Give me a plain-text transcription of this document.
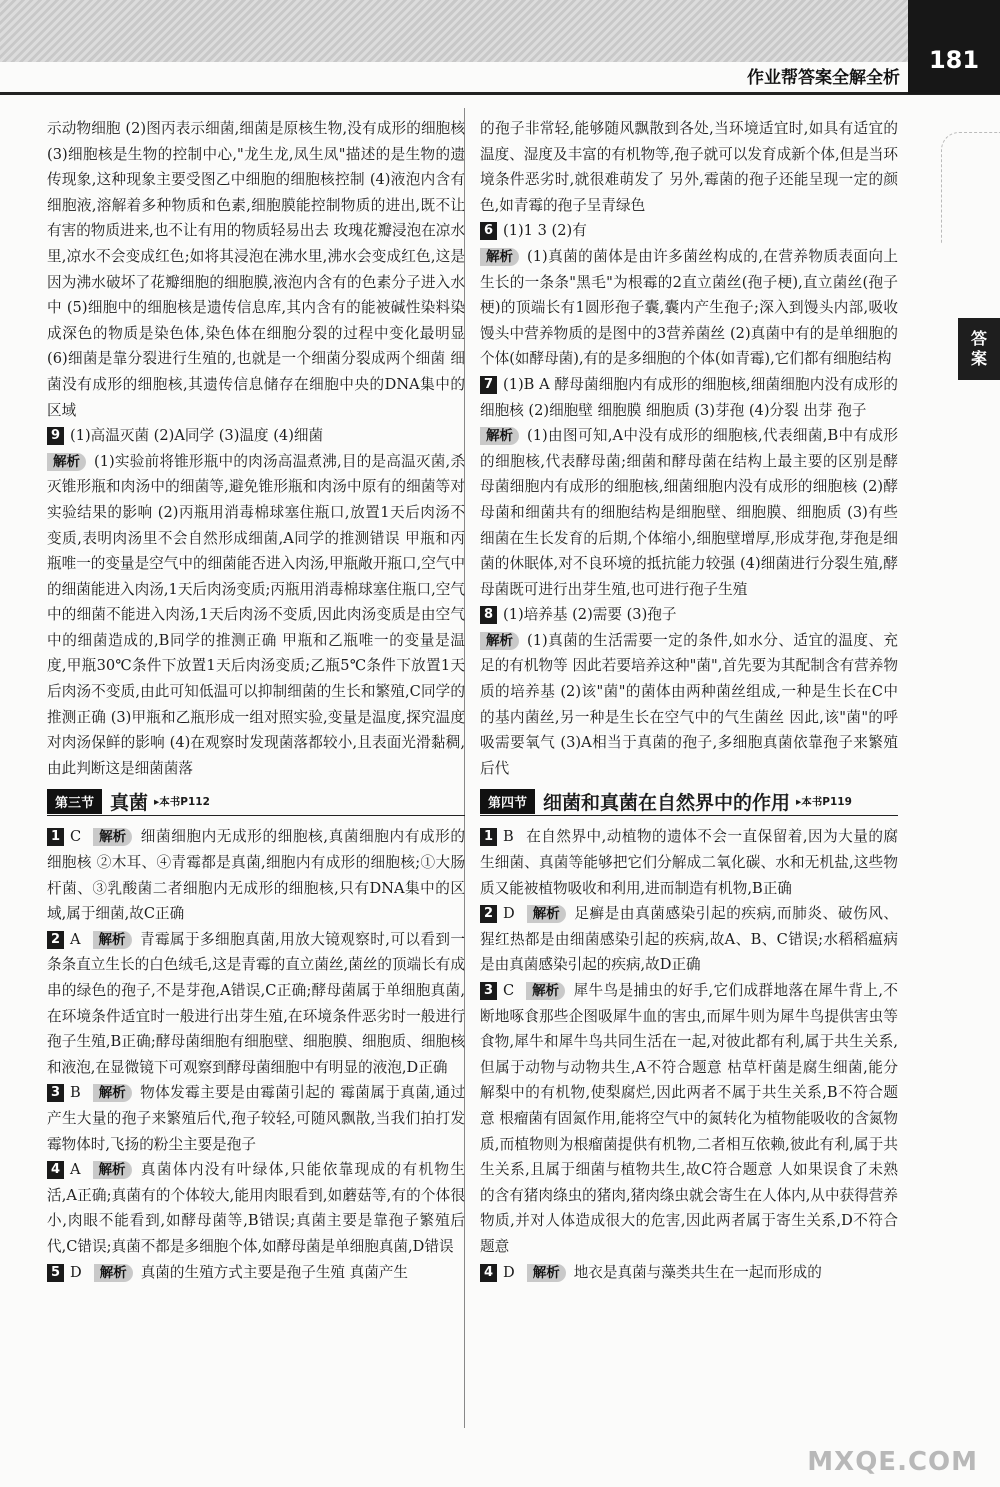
作业帮答案全解全析
181
答
案

示动物细胞 (2)图丙表示细菌,细菌是原核生物,没有成形的细胞核 (3)细胞核是生物的控制中心,"龙生龙,凤生凤"描述的是生物的遗传现象,这种现象主要受图乙中细胞的细胞核控制 (4)液泡内含有细胞液,溶解着多种物质和色素,细胞膜能控制物质的进出,既不让有害的物质进来,也不让有用的物质轻易出去 玫瑰花瓣浸泡在凉水里,凉水不会变成红色;如将其浸泡在沸水里,沸水会变成红色,这是因为沸水破坏了花瓣细胞的细胞膜,液泡内含有的色素分子进入水中 (5)细胞中的细胞核是遗传信息库,其内含有的能被碱性染料染成深色的物质是染色体,染色体在细胞分裂的过程中变化最明显 (6)细菌是靠分裂进行生殖的,也就是一个细菌分裂成两个细菌 细菌没有成形的细胞核,其遗传信息储存在细胞中央的DNA集中的区域

9 (1)高温灭菌 (2)A同学 (3)温度 (4)细菌

解析 (1)实验前将锥形瓶中的肉汤高温煮沸,目的是高温灭菌,杀灭锥形瓶和肉汤中的细菌等,避免锥形瓶和肉汤中原有的细菌等对实验结果的影响 (2)丙瓶用消毒棉球塞住瓶口,放置1天后肉汤不变质,表明肉汤里不会自然形成细菌,A同学的推测错误 甲瓶和丙瓶唯一的变量是空气中的细菌能否进入肉汤,甲瓶敞开瓶口,空气中的细菌能进入肉汤,1天后肉汤变质;丙瓶用消毒棉球塞住瓶口,空气中的细菌不能进入肉汤,1天后肉汤不变质,因此肉汤变质是由空气中的细菌造成的,B同学的推测正确 甲瓶和乙瓶唯一的变量是温度,甲瓶30℃条件下放置1天后肉汤变质;乙瓶5℃条件下放置1天后肉汤不变质,由此可知低温可以抑制细菌的生长和繁殖,C同学的推测正确 (3)甲瓶和乙瓶形成一组对照实验,变量是温度,探究温度对肉汤保鲜的影响 (4)在观察时发现菌落都较小,且表面光滑黏稠,由此判断这是细菌菌落

第三节 真菌 ▸本书P112

1 C 解析 细菌细胞内无成形的细胞核,真菌细胞内有成形的细胞核 ②木耳、④青霉都是真菌,细胞内有成形的细胞核;①大肠杆菌、③乳酸菌二者细胞内无成形的细胞核,只有DNA集中的区域,属于细菌,故C正确

2 A 解析 青霉属于多细胞真菌,用放大镜观察时,可以看到一条条直立生长的白色绒毛,这是青霉的直立菌丝,菌丝的顶端长有成串的绿色的孢子,不是芽孢,A错误,C正确;酵母菌属于单细胞真菌,在环境条件适宜时一般进行出芽生殖,在环境条件恶劣时一般进行孢子生殖,B正确;酵母菌细胞有细胞壁、细胞膜、细胞质、细胞核和液泡,在显微镜下可观察到酵母菌细胞中有明显的液泡,D正确

3 B 解析 物体发霉主要是由霉菌引起的 霉菌属于真菌,通过产生大量的孢子来繁殖后代,孢子较轻,可随风飘散,当我们拍打发霉物体时,飞扬的粉尘主要是孢子

4 A 解析 真菌体内没有叶绿体,只能依靠现成的有机物生活,A正确;真菌有的个体较大,能用肉眼看到,如蘑菇等,有的个体很小,肉眼不能看到,如酵母菌等,B错误;真菌主要是靠孢子繁殖后代,C错误;真菌不都是多细胞个体,如酵母菌是单细胞真菌,D错误

5 D 解析 真菌的生殖方式主要是孢子生殖 真菌产生

的孢子非常轻,能够随风飘散到各处,当环境适宜时,如具有适宜的温度、湿度及丰富的有机物等,孢子就可以发育成新个体,但是当环境条件恶劣时,就很难萌发了 另外,霉菌的孢子还能呈现一定的颜色,如青霉的孢子呈青绿色

6 (1)1 3 (2)有

解析 (1)真菌的菌体是由许多菌丝构成的,在营养物质表面向上生长的一条条"黑毛"为根霉的2直立菌丝(孢子梗),直立菌丝(孢子梗)的顶端长有1圆形孢子囊,囊内产生孢子;深入到馒头内部,吸收馒头中营养物质的是图中的3营养菌丝 (2)真菌中有的是单细胞的个体(如酵母菌),有的是多细胞的个体(如青霉),它们都有细胞结构

7 (1)B A 酵母菌细胞内有成形的细胞核,细菌细胞内没有成形的细胞核 (2)细胞壁 细胞膜 细胞质 (3)芽孢 (4)分裂 出芽 孢子

解析 (1)由图可知,A中没有成形的细胞核,代表细菌,B中有成形的细胞核,代表酵母菌;细菌和酵母菌在结构上最主要的区别是酵母菌细胞内有成形的细胞核,细菌细胞内没有成形的细胞核 (2)酵母菌和细菌共有的细胞结构是细胞壁、细胞膜、细胞质 (3)有些细菌在生长发育的后期,个体缩小,细胞壁增厚,形成芽孢,芽孢是细菌的休眠体,对不良环境的抵抗能力较强 (4)细菌进行分裂生殖,酵母菌既可进行出芽生殖,也可进行孢子生殖

8 (1)培养基 (2)需要 (3)孢子

解析 (1)真菌的生活需要一定的条件,如水分、适宜的温度、充足的有机物等 因此若要培养这种"菌",首先要为其配制含有营养物质的培养基 (2)该"菌"的菌体由两种菌丝组成,一种是生长在C中的基内菌丝,另一种是生长在空气中的气生菌丝 因此,该"菌"的呼吸需要氧气 (3)A相当于真菌的孢子,多细胞真菌依靠孢子来繁殖后代

第四节 细菌和真菌在自然界中的作用 ▸本书P119

1 B 在自然界中,动植物的遗体不会一直保留着,因为大量的腐生细菌、真菌等能够把它们分解成二氧化碳、水和无机盐,这些物质又能被植物吸收和利用,进而制造有机物,B正确

2 D 解析 足癣是由真菌感染引起的疾病,而肺炎、破伤风、猩红热都是由细菌感染引起的疾病,故A、B、C错误;水稻稻瘟病是由真菌感染引起的疾病,故D正确

3 C 解析 犀牛鸟是捕虫的好手,它们成群地落在犀牛背上,不断地啄食那些企图吸犀牛血的害虫,而犀牛则为犀牛鸟提供害虫等食物,犀牛和犀牛鸟共同生活在一起,对彼此都有利,属于共生关系,但属于动物与动物共生,A不符合题意 枯草杆菌是腐生细菌,能分解梨中的有机物,使梨腐烂,因此两者不属于共生关系,B不符合题意 根瘤菌有固氮作用,能将空气中的氮转化为植物能吸收的含氮物质,而植物则为根瘤菌提供有机物,二者相互依赖,彼此有利,属于共生关系,且属于细菌与植物共生,故C符合题意 人如果误食了未熟的含有猪肉绦虫的猪肉,猪肉绦虫就会寄生在人体内,从中获得营养物质,并对人体造成很大的危害,因此两者属于寄生关系,D不符合题意

4 D 解析 地衣是真菌与藻类共生在一起而形成的

MXQE.COM
